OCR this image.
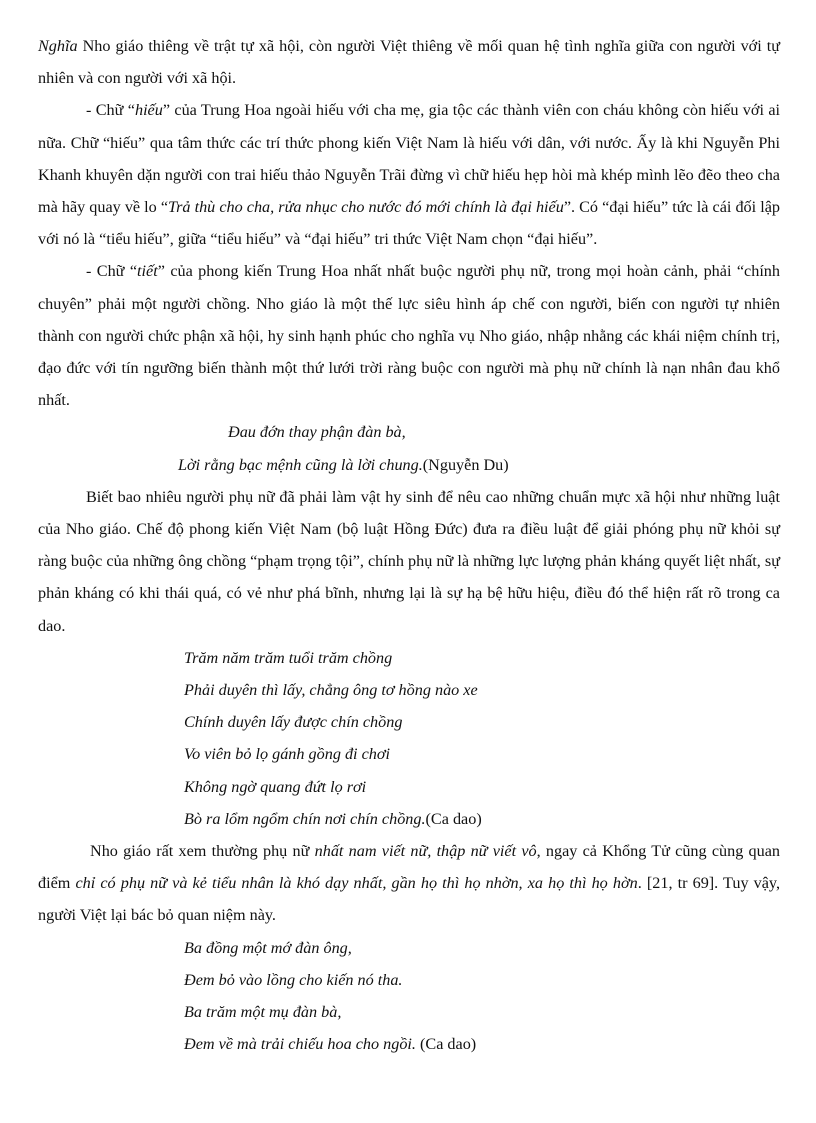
Nghĩa Nho giáo thiêng về trật tự xã hội, còn người Việt thiêng về mối quan hệ tình nghĩa giữa con người với tự nhiên và con người với xã hội.

- Chữ “hiếu” của Trung Hoa ngoài hiếu với cha mẹ, gia tộc các thành viên con cháu không còn hiếu với ai nữa. Chữ “hiếu” qua tâm thức các trí thức phong kiến Việt Nam là hiếu với dân, với nước. Ấy là khi Nguyễn Phi Khanh khuyên dặn người con trai hiếu thảo Nguyễn Trãi đừng vì chữ hiếu hẹp hòi mà khép mình lẽo đẽo theo cha mà hãy quay về lo “Trả thù cho cha, rửa nhục cho nước đó mới chính là đại hiếu”. Có “đại hiếu” tức là cái đối lập với nó là “tiểu hiếu”, giữa “tiểu hiếu” và “đại hiếu” tri thức Việt Nam chọn “đại hiếu”.

- Chữ “tiết” của phong kiến Trung Hoa nhất nhất buộc người phụ nữ, trong mọi hoàn cảnh, phải “chính chuyên” phải một người chồng. Nho giáo là một thế lực siêu hình áp chế con người, biến con người tự nhiên thành con người chức phận xã hội, hy sinh hạnh phúc cho nghĩa vụ Nho giáo, nhập nhằng các khái niệm chính trị, đạo đức với tín ngưỡng biến thành một thứ lưới trời ràng buộc con người mà phụ nữ chính là nạn nhân đau khổ nhất.

Đau đớn thay phận đàn bà,
Lời rằng bạc mệnh cũng là lời chung.(Nguyễn Du)

Biết bao nhiêu người phụ nữ đã phải làm vật hy sinh để nêu cao những chuẩn mực xã hội như những luật của Nho giáo. Chế độ phong kiến Việt Nam (bộ luật Hồng Đức) đưa ra điều luật để giải phóng phụ nữ khỏi sự ràng buộc của những ông chồng “phạm trọng tội”, chính phụ nữ là những lực lượng phản kháng quyết liệt nhất, sự phản kháng có khi thái quá, có vẻ như phá bĩnh, nhưng lại là sự hạ bệ hữu hiệu, điều đó thể hiện rất rõ trong ca dao.

Trăm năm trăm tuổi trăm chồng
Phải duyên thì lấy, chẳng ông tơ hồng nào xe
Chính duyên lấy được chín chồng
Vo viên bỏ lọ gánh gồng đi chơi
Không ngờ quang đứt lọ rơi
Bò ra lổm ngổm chín nơi chín chồng.(Ca dao)

Nho giáo rất xem thường phụ nữ nhất nam viết nữ, thập nữ viết vô, ngay cả Khổng Tử cũng cùng quan điểm chỉ có phụ nữ và kẻ tiểu nhân là khó dạy nhất, gần họ thì họ nhờn, xa họ thì họ hờn. [21, tr 69]. Tuy vậy, người Việt lại bác bỏ quan niệm này.

Ba đồng một mớ đàn ông,
Đem bỏ vào lồng cho kiến nó tha.
Ba trăm một mụ đàn bà,
Đem về mà trải chiếu hoa cho ngồi. (Ca dao)
